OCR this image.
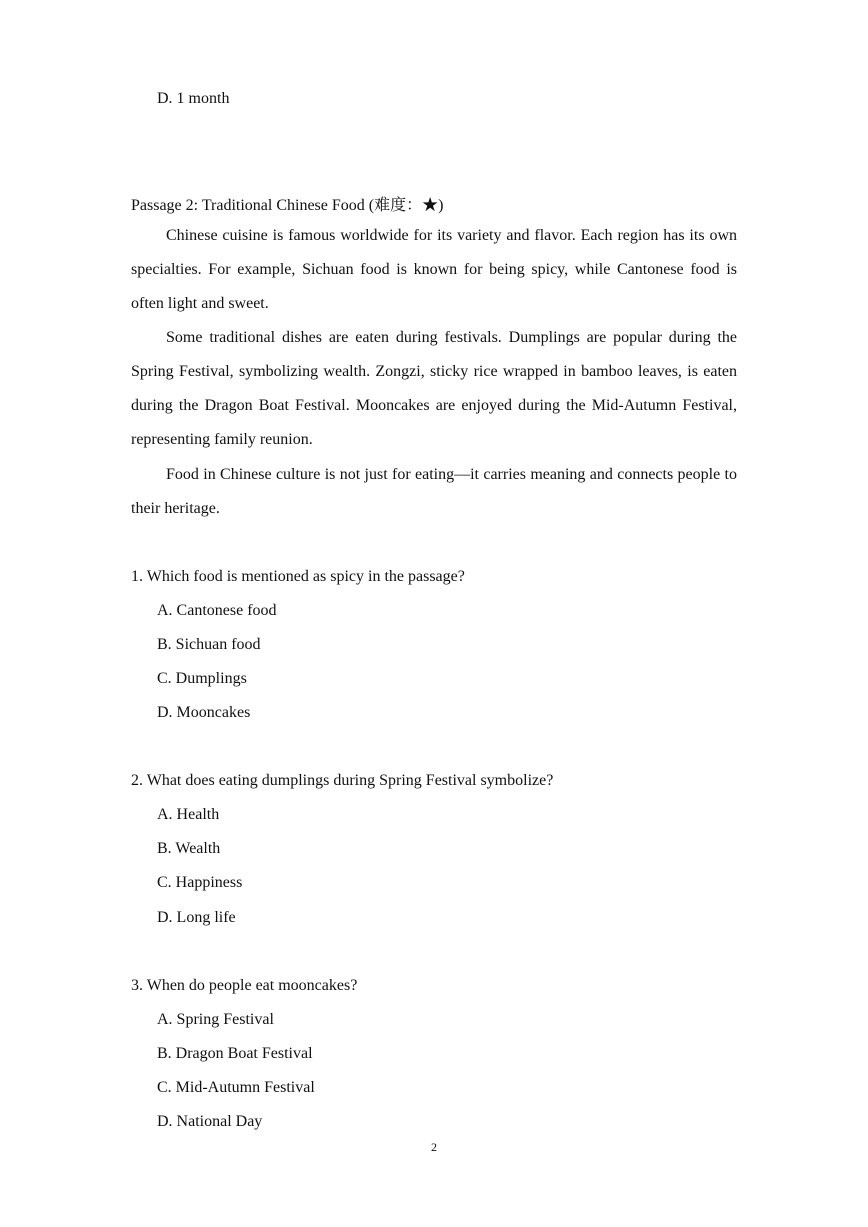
D. 1 month
Passage 2: Traditional Chinese Food (难度：★)

Chinese cuisine is famous worldwide for its variety and flavor. Each region has its own specialties. For example, Sichuan food is known for being spicy, while Cantonese food is often light and sweet.

Some traditional dishes are eaten during festivals. Dumplings are popular during the Spring Festival, symbolizing wealth. Zongzi, sticky rice wrapped in bamboo leaves, is eaten during the Dragon Boat Festival. Mooncakes are enjoyed during the Mid-Autumn Festival, representing family reunion.

Food in Chinese culture is not just for eating—it carries meaning and connects people to their heritage.

1. Which food is mentioned as spicy in the passage?
A. Cantonese food
B. Sichuan food
C. Dumplings
D. Mooncakes
2. What does eating dumplings during Spring Festival symbolize?
A. Health
B. Wealth
C. Happiness
D. Long life
3. When do people eat mooncakes?
A. Spring Festival
B. Dragon Boat Festival
C. Mid-Autumn Festival
D. National Day
2
